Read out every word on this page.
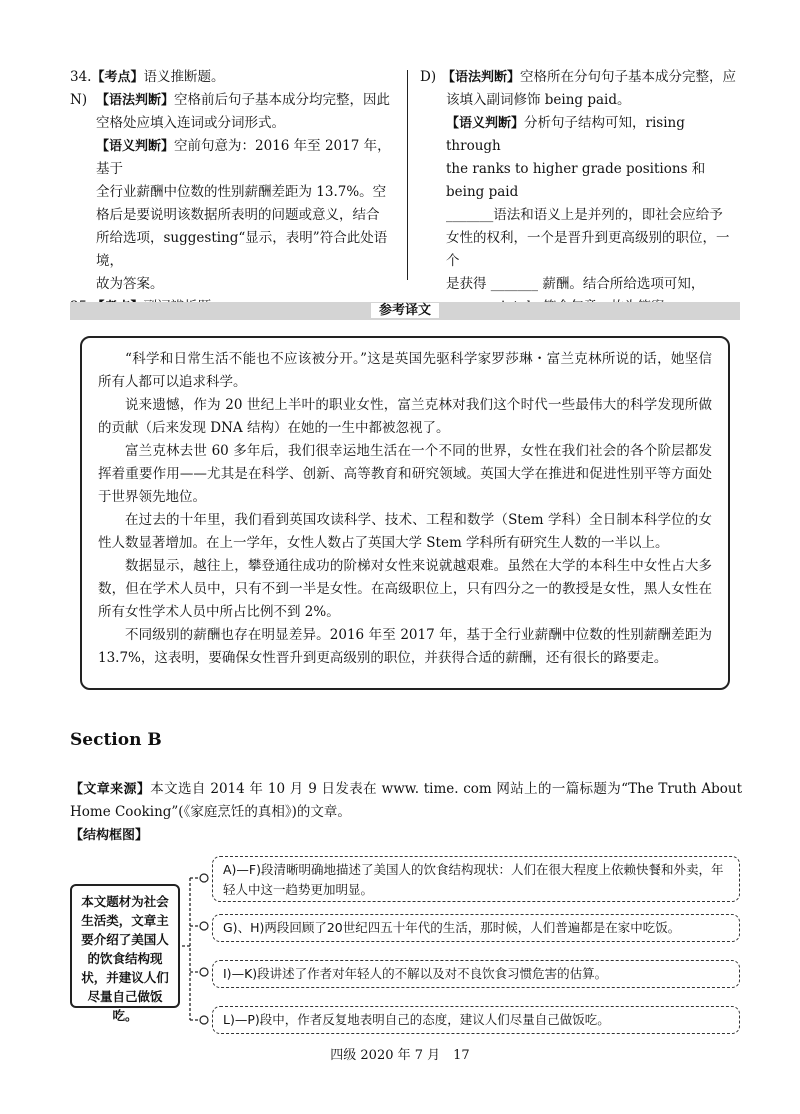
34.【考点】语义推断题。

N) 【语法判断】空格前后句子基本成分均完整，因此

空格处应填入连词或分词形式。

【语义判断】空前句意为：2016 年至 2017 年，基于

全行业薪酬中位数的性别薪酬差距为 13.7%。空

格后是要说明该数据所表明的问题或意义，结合

所给选项，suggesting“显示，表明”符合此处语境，

故为答案。

D) 【语法判断】空格所在分句句子基本成分完整，应

该填入副词修饰 being paid。

【语义判断】分析句子结构可知，rising through

the ranks to higher grade positions 和 being paid

_______语法和语义上是并列的，即社会应给予

女性的权利，一个是晋升到更高级别的职位，一个

是获得 _______ 薪酬。结合所给选项可知，

参考译文

“科学和日常生活不能也不应该被分开。”这是英国先驱科学家罗莎琳・富兰克林所说的话，她坚信所有人都可以追求科学。

说来遗憾，作为 20 世纪上半叶的职业女性，富兰克林对我们这个时代一些最伟大的科学发现所做的贡献（后来发现 DNA 结构）在她的一生中都被忽视了。

富兰克林去世 60 多年后，我们很幸运地生活在一个不同的世界，女性在我们社会的各个阶层都发挥着重要作用——尤其是在科学、创新、高等教育和研究领域。英国大学在推进和促进性别平等方面处于世界领先地位。

在过去的十年里，我们看到英国攻读科学、技术、工程和数学（Stem 学科）全日制本科学位的女性人数显著增加。在上一学年，女性人数占了英国大学 Stem 学科所有研究生人数的一半以上。

数据显示，越往上，攀登通往成功的阶梯对女性来说就越艰难。虽然在大学的本科生中女性占大多数，但在学术人员中，只有不到一半是女性。在高级职位上，只有四分之一的教授是女性，黑人女性在所有女性学术人员中所占比例不到 2%。

不同级别的薪酬也存在明显差异。2016 年至 2017 年，基于全行业薪酬中位数的性别薪酬差距为 13.7%，这表明，要确保女性晋升到更高级别的职位，并获得合适的薪酬，还有很长的路要走。

Section B

【文章来源】本文选自 2014 年 10 月 9 日发表在 www. time. com 网站上的一篇标题为“The Truth About Home Cooking”(《家庭烹饪的真相》)的文章。

【结构框图】

本文题材为社会生活类，文章主要介绍了美国人的饮食结构现状，并建议人们尽量自己做饭吃。
A)—F)段清晰明确地描述了美国人的饮食结构现状：人们在很大程度上依赖快餐和外卖，年轻人中这一趋势更加明显。
G)、H)两段回顾了20世纪四五十年代的生活，那时候，人们普遍都是在家中吃饭。
I)—K)段讲述了作者对年轻人的不解以及对不良饮食习惯危害的估算。
L)—P)段中，作者反复地表明自己的态度，建议人们尽量自己做饭吃。
四级 2020 年 7 月　17
